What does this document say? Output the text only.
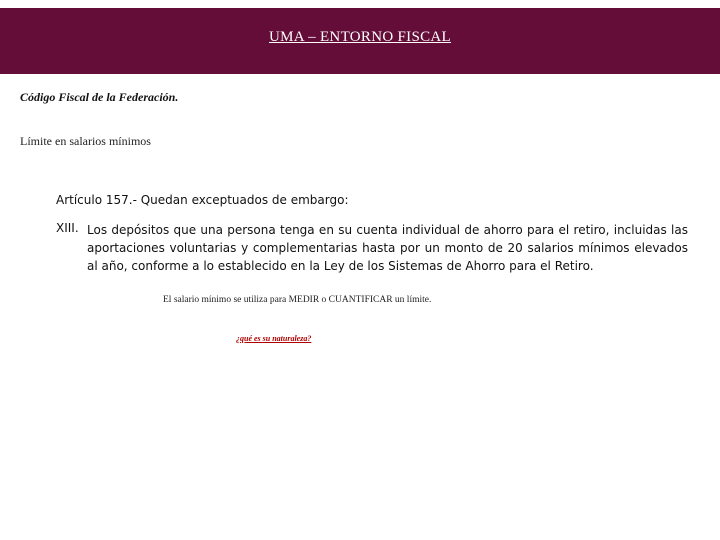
UMA – ENTORNO FISCAL
Código Fiscal de la Federación.
Límite en salarios mínimos
Artículo 157.- Quedan exceptuados de embargo:
XIII. Los depósitos que una persona tenga en su cuenta individual de ahorro para el retiro, incluidas las aportaciones voluntarias y complementarias hasta por un monto de 20 salarios mínimos elevados al año, conforme a lo establecido en la Ley de los Sistemas de Ahorro para el Retiro.
El salario mínimo se utiliza para MEDIR o CUANTIFICAR un límite.
¿qué es su naturaleza?
